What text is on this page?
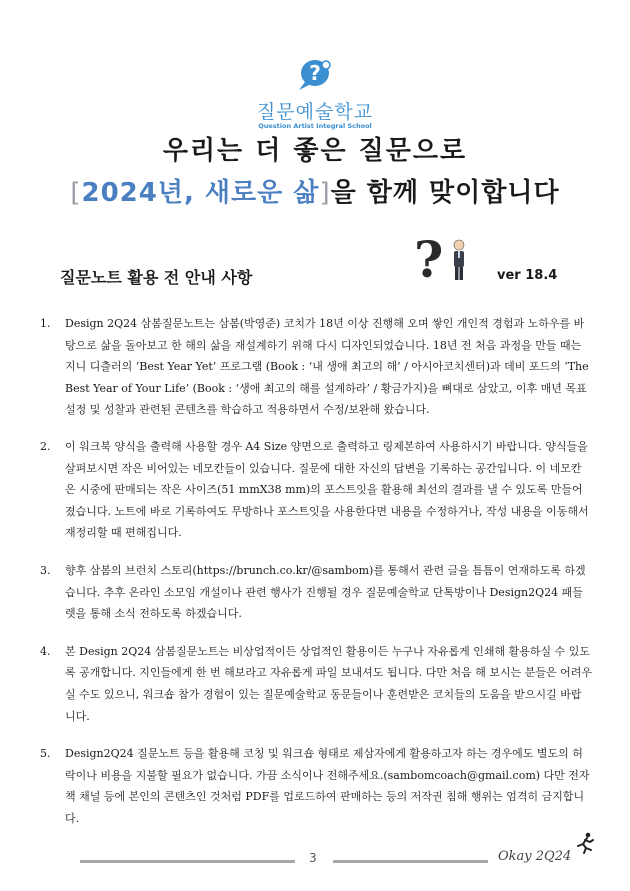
?
질문예술학교
Question Artist Integral School
우리는 더 좋은 질문으로
[2024년, 새로운 삶]을 함께 맞이합니다
질문노트 활용 전 안내 사항	?	ver 18.4
1.	Design 2Q24 삼봄질문노트는 삼봄(박영준) 코치가 18년 이상 진행해 오며 쌓인 개인적 경험과 노하우를 바탕으로 삶을 돌아보고 한 해의 삶을 재설계하기 위해 다시 디자인되었습니다. 18년 전 처음 과정을 만들 때는 지니 디츨러의 ‘Best Year Yet’ 프로그램 (Book : ‘내 생애 최고의 해’ / 아시아코치센터)과 데비 포드의 ‘The Best Year of Your Life’ (Book : ‘생애 최고의 해를 설계하라’ / 황금가지)을 뼈대로 삼았고, 이후 매년 목표설정 및 성찰과 관련된 콘텐츠를 학습하고 적용하면서 수정/보완해 왔습니다.
2.	이 워크북 양식을 출력해 사용할 경우 A4 Size 양면으로 출력하고 링제본하여 사용하시기 바랍니다. 양식들을 살펴보시면 작은 비어있는 네모칸들이 있습니다. 질문에 대한 자신의 답변을 기록하는 공간입니다. 이 네모칸은 시중에 판매되는 작은 사이즈(51 mmX38 mm)의 포스트잇을 활용해 최선의 결과를 낼 수 있도록 만들어졌습니다. 노트에 바로 기록하여도 무방하나 포스트잇을 사용한다면 내용을 수정하거나, 작성 내용을 이동해서 재정리할 때 편해집니다.
3.	향후 삼봄의 브런치 스토리(https://brunch.co.kr/@sambom)를 통해서 관련 글을 틈틈이 연재하도록 하겠습니다. 추후 온라인 소모임 개설이나 관련 행사가 진행될 경우 질문예술학교 단톡방이나 Design2Q24 패들렛을 통해 소식 전하도록 하겠습니다.
4.	본 Design 2Q24 삼봄질문노트는 비상업적이든 상업적인 활용이든 누구나 자유롭게 인쇄해 활용하실 수 있도록 공개합니다. 지인들에게 한 번 해보라고 자유롭게 파일 보내셔도 됩니다. 다만 처음 해 보시는 분들은 어려우실 수도 있으니, 워크숍 참가 경험이 있는 질문예술학교 동문들이나 훈련받은 코치들의 도움을 받으시길 바랍니다.
5.	Design2Q24 질문노트 등을 활용해 코칭 및 워크숍 형태로 제삼자에게 활용하고자 하는 경우에도 별도의 허락이나 비용을 지불할 필요가 없습니다. 가끔 소식이나 전해주세요.(sambomcoach@gmail.com) 다만 전자책 채널 등에 본인의 콘텐츠인 것처럼 PDF를 업로드하여 판매하는 등의 저작권 침해 행위는 엄격히 금지합니다.
3	Okay 2Q24
